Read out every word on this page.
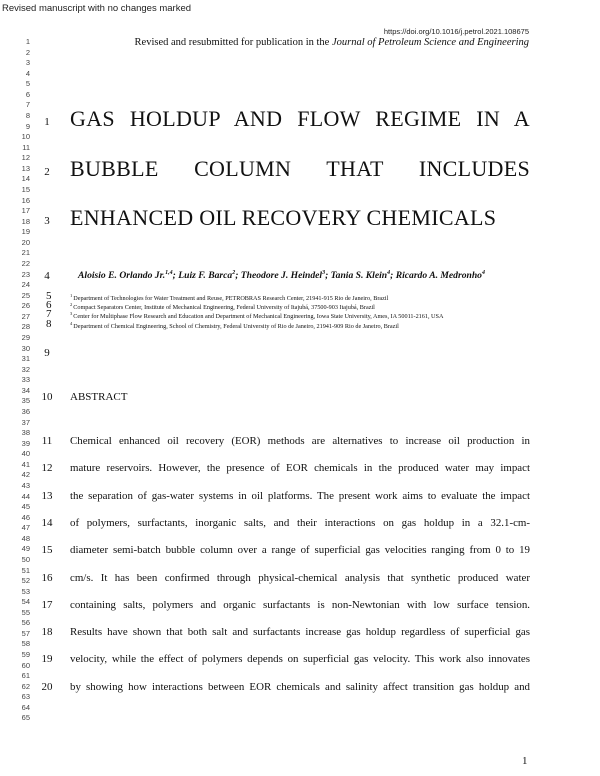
Revised manuscript with no changes marked
https://doi.org/10.1016/j.petrol.2021.108675
Revised and resubmitted for publication in the Journal of Petroleum Science and Engineering
1
2
3
4
5
6
7
8
9
10
11
12
13
14
15
16
17
18
19
20
21
22
23
24
25
26
27
28
29
30
31
32
33
34
35
36
37
38
39
40
41
42
43
44
45
46
47
48
49
50
51
52
53
54
55
56
57
58
59
60
61
62
63
64
65
1 GAS HOLDUP AND FLOW REGIME IN A
2 BUBBLE COLUMN THAT INCLUDES
3 ENHANCED OIL RECOVERY CHEMICALS
4	Aloisio E. Orlando Jr.$^{1,4}$; Luiz F. Barca$^2$; Theodore J. Heindel$^3$; Tania S. Klein$^4$; Ricardo A. Medronho$^4$
5	$^1$Department of Technologies for Water Treatment and Reuse, PETROBRAS Research Center, 21941-915 Rio de Janeiro, Brazil
6	$^2$Compact Separators Center, Institute of Mechanical Engineering, Federal University of Itajubá, 37500-903 Itajubá, Brazil
7	$^3$Center for Multiphase Flow Research and Education and Department of Mechanical Engineering, Iowa State University, Ames, IA 50011-2161, USA
8	$^4$Department of Chemical Engineering, School of Chemistry, Federal University of Rio de Janeiro, 21941-909 Rio de Janeiro, Brazil
9
10	ABSTRACT
11	Chemical enhanced oil recovery (EOR) methods are alternatives to increase oil production in
12	mature reservoirs. However, the presence of EOR chemicals in the produced water may impact
13	the separation of gas-water systems in oil platforms. The present work aims to evaluate the impact
14	of polymers, surfactants, inorganic salts, and their interactions on gas holdup in a 32.1-cm-
15	diameter semi-batch bubble column over a range of superficial gas velocities ranging from 0 to 19
16	cm/s. It has been confirmed through physical-chemical analysis that synthetic produced water
17	containing salts, polymers and organic surfactants is non-Newtonian with low surface tension.
18	Results have shown that both salt and surfactants increase gas holdup regardless of superficial gas
19	velocity, while the effect of polymers depends on superficial gas velocity. This work also innovates
20	by showing how interactions between EOR chemicals and salinity affect transition gas holdup and
1
